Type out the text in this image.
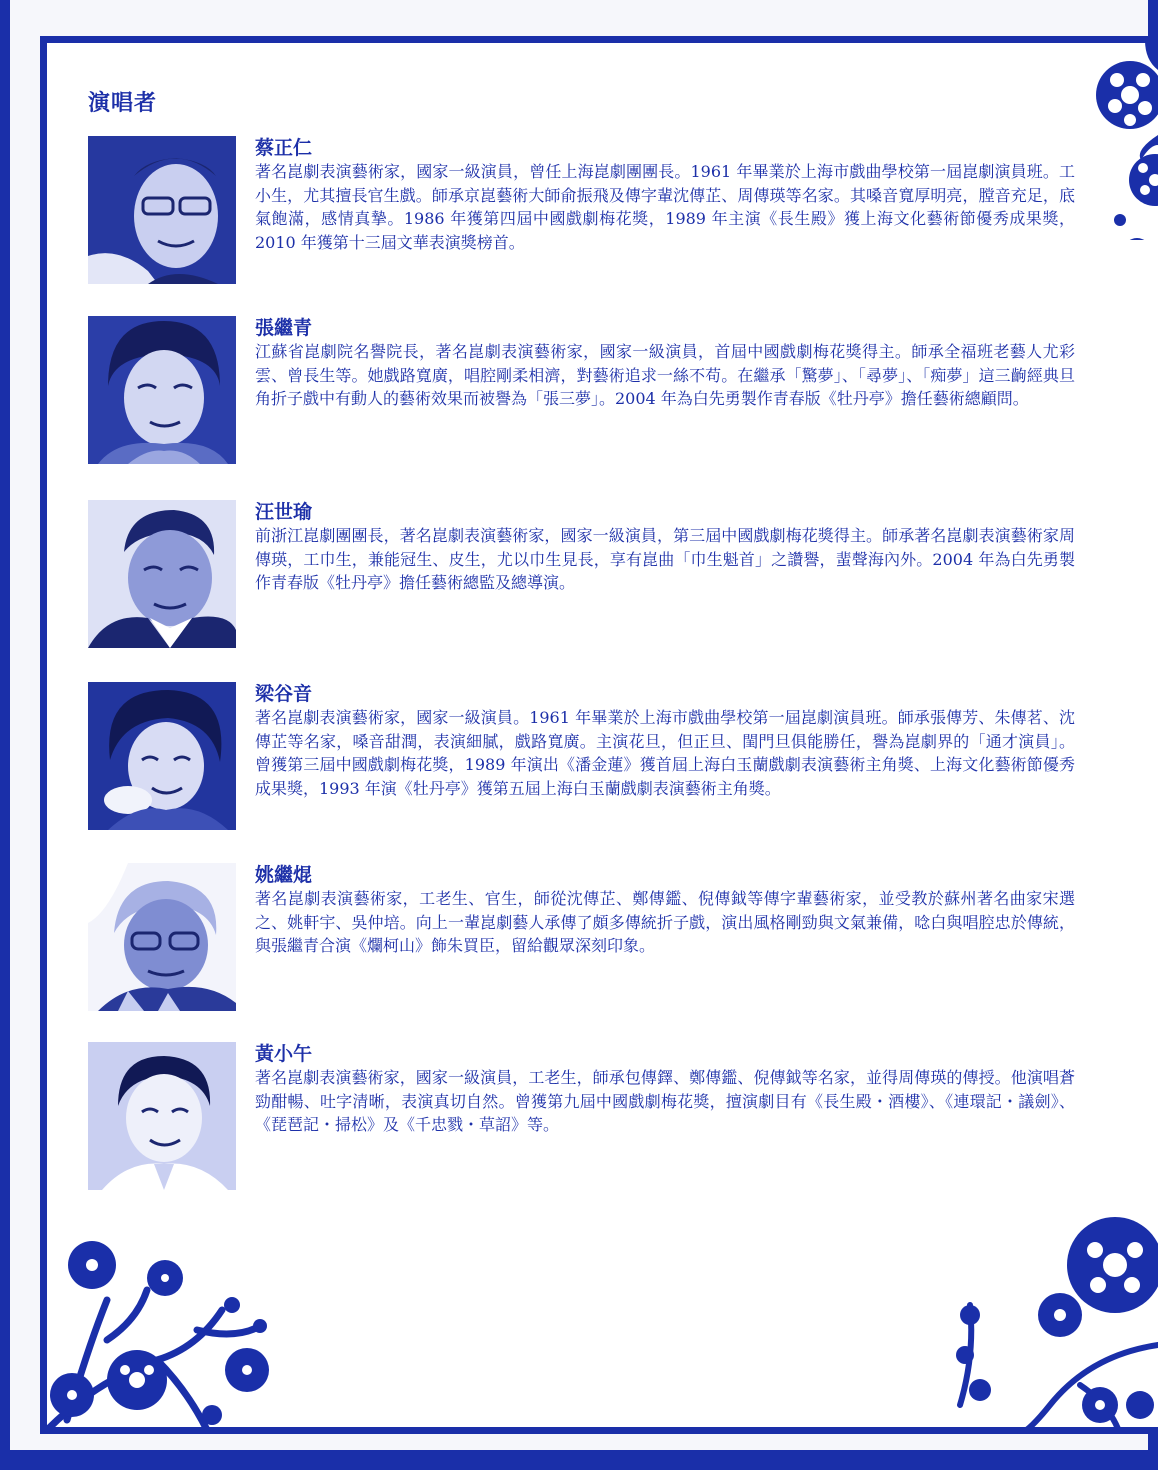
演唱者
蔡正仁

著名崑劇表演藝術家，國家一級演員，曾任上海崑劇團團長。1961 年畢業於上海市戲曲學校第一屆崑劇演員班。工小生，尤其擅長官生戲。師承京崑藝術大師俞振飛及傳字輩沈傳芷、周傳瑛等名家。其嗓音寬厚明亮，膛音充足，底氣飽滿，感情真摯。1986 年獲第四屆中國戲劇梅花獎，1989 年主演《長生殿》獲上海文化藝術節優秀成果獎，2010 年獲第十三屆文華表演獎榜首。

張繼青

江蘇省崑劇院名譽院長，著名崑劇表演藝術家，國家一級演員，首屆中國戲劇梅花獎得主。師承全福班老藝人尤彩雲、曾長生等。她戲路寬廣，唱腔剛柔相濟，對藝術追求一絲不苟。在繼承「驚夢」、「尋夢」、「痴夢」這三齣經典旦角折子戲中有動人的藝術效果而被譽為「張三夢」。2004 年為白先勇製作青春版《牡丹亭》擔任藝術總顧問。

汪世瑜

前浙江崑劇團團長，著名崑劇表演藝術家，國家一級演員，第三屆中國戲劇梅花獎得主。師承著名崑劇表演藝術家周傳瑛，工巾生，兼能冠生、皮生，尤以巾生見長，享有崑曲「巾生魁首」之讚譽，蜚聲海內外。2004 年為白先勇製作青春版《牡丹亭》擔任藝術總監及總導演。

梁谷音

著名崑劇表演藝術家，國家一級演員。1961 年畢業於上海市戲曲學校第一屆崑劇演員班。師承張傳芳、朱傳茗、沈傳芷等名家，嗓音甜潤，表演細膩，戲路寬廣。主演花旦，但正旦、閨門旦俱能勝任，譽為崑劇界的「通才演員」。曾獲第三屆中國戲劇梅花獎，1989 年演出《潘金蓮》獲首屆上海白玉蘭戲劇表演藝術主角獎、上海文化藝術節優秀成果獎，1993 年演《牡丹亭》獲第五屆上海白玉蘭戲劇表演藝術主角獎。

姚繼焜

著名崑劇表演藝術家，工老生、官生，師從沈傳芷、鄭傳鑑、倪傳鉞等傳字輩藝術家，並受教於蘇州著名曲家宋選之、姚軒宇、吳仲培。向上一輩崑劇藝人承傳了頗多傳統折子戲，演出風格剛勁與文氣兼備，唸白與唱腔忠於傳統，與張繼青合演《爛柯山》飾朱買臣，留給觀眾深刻印象。

黃小午

著名崑劇表演藝術家，國家一級演員，工老生，師承包傳鐸、鄭傳鑑、倪傳鉞等名家，並得周傳瑛的傳授。他演唱蒼勁酣暢、吐字清晰，表演真切自然。曾獲第九屆中國戲劇梅花獎，擅演劇目有《長生殿・酒樓》、《連環記・議劍》、《琵琶記・掃松》及《千忠戮・草詔》等。
